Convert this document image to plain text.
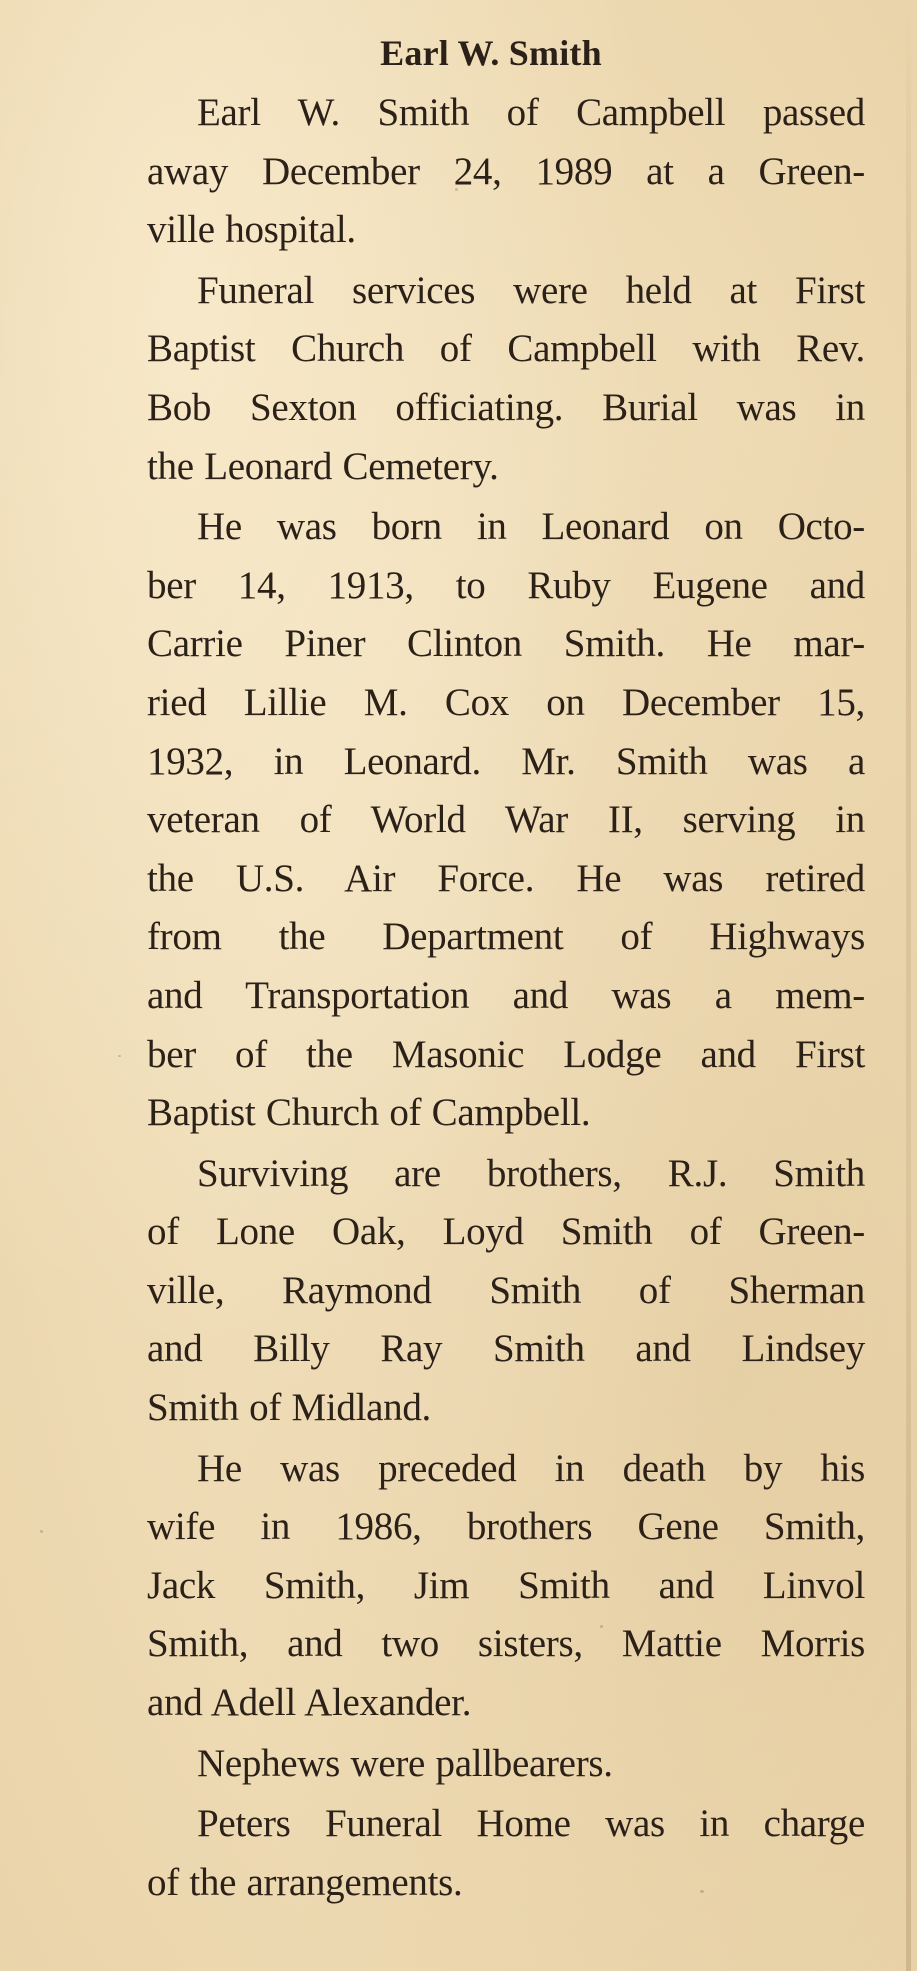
Earl W. Smith

Earl W. Smith of Campbell passed
away December 24, 1989 at a Green-
ville hospital.

Funeral services were held at First
Baptist Church of Campbell with Rev.
Bob Sexton officiating. Burial was in
the Leonard Cemetery.

He was born in Leonard on Octo-
ber 14, 1913, to Ruby Eugene and
Carrie Piner Clinton Smith. He mar-
ried Lillie M. Cox on December 15,
1932, in Leonard. Mr. Smith was a
veteran of World War II, serving in
the U.S. Air Force. He was retired
from the Department of Highways
and Transportation and was a mem-
ber of the Masonic Lodge and First
Baptist Church of Campbell.

Surviving are brothers, R.J. Smith
of Lone Oak, Loyd Smith of Green-
ville, Raymond Smith of Sherman
and Billy Ray Smith and Lindsey
Smith of Midland.

He was preceded in death by his
wife in 1986, brothers Gene Smith,
Jack Smith, Jim Smith and Linvol
Smith, and two sisters, Mattie Morris
and Adell Alexander.

Nephews were pallbearers.

Peters Funeral Home was in charge
of the arrangements.
